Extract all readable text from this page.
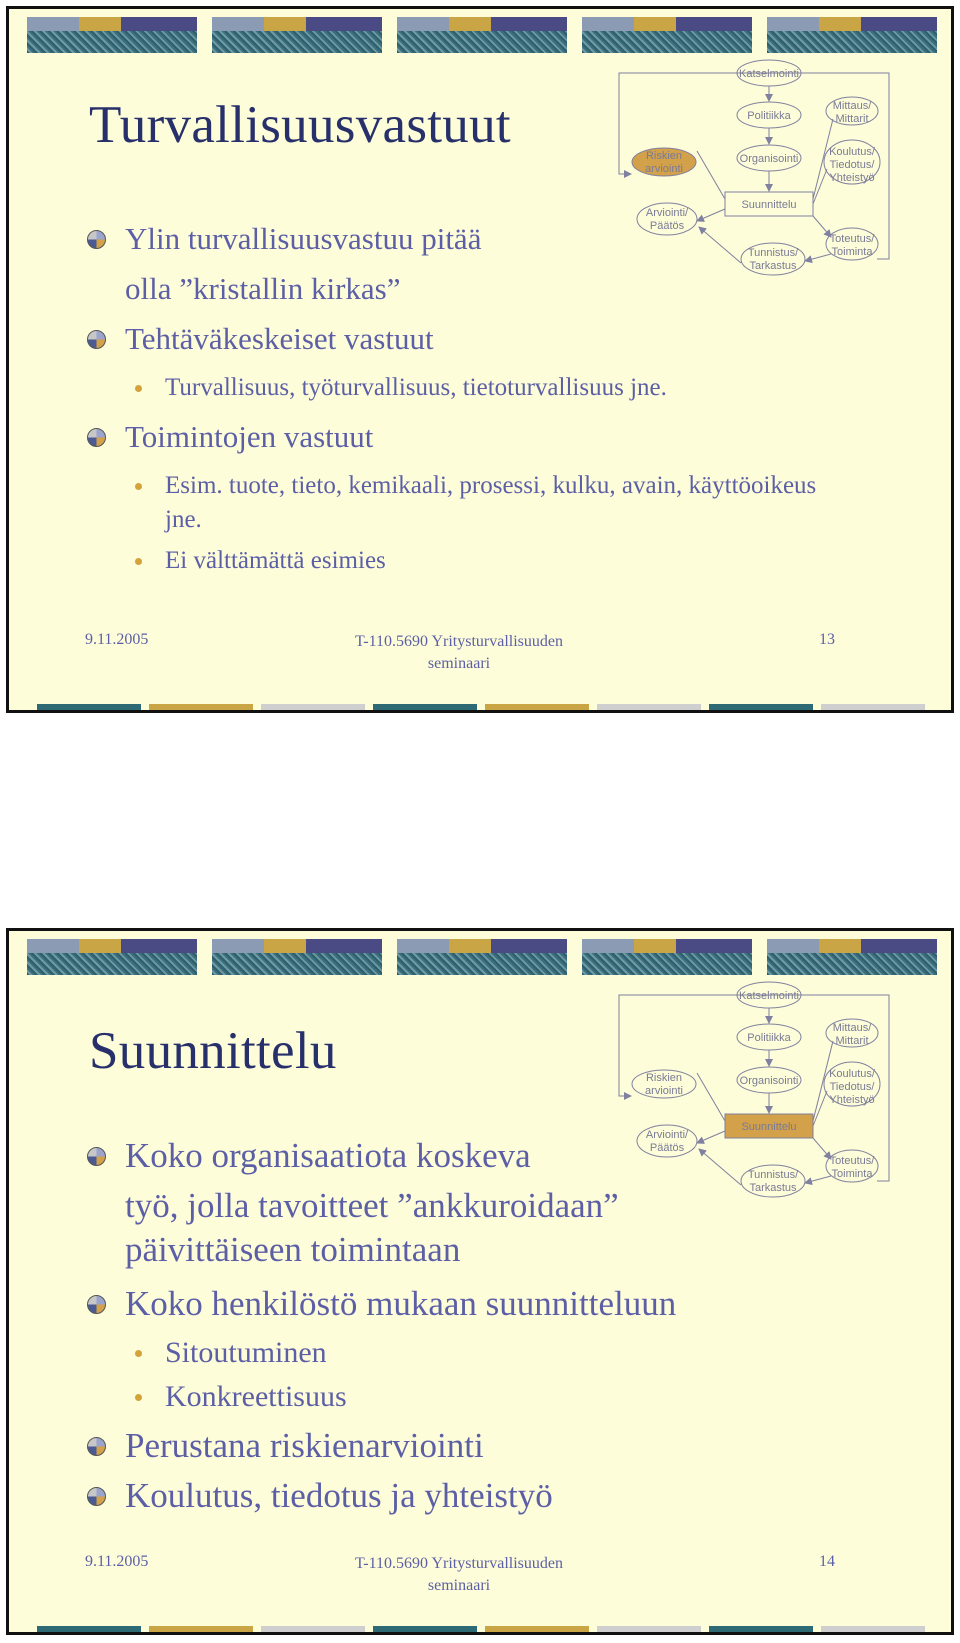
Turvallisuusvastuut
Katselmointi
Politiikka
Organisointi
Suunnittelu
Riskien
arviointi
Arviointi/
Päätös
Tunnistus/
Tarkastus
Mittaus/
Mittarit
Koulutus/
Tiedotus/
Yhteistyö
Toteutus/
Toiminta
Ylin turvallisuusvastuu pitää
olla ”kristallin kirkas”
Tehtäväkeskeiset vastuut
Turvallisuus, työturvallisuus, tietoturvallisuus jne.
Toimintojen vastuut
Esim. tuote, tieto, kemikaali, prosessi, kulku, avain, käyttöoikeus jne.
Ei välttämättä esimies
9.11.2005	T-110.5690 Yritysturvallisuuden
seminaari
13
Suunnittelu
Katselmointi
Politiikka
Organisointi
Suunnittelu
Riskien
arviointi
Arviointi/
Päätös
Tunnistus/
Tarkastus
Mittaus/
Mittarit
Koulutus/
Tiedotus/
Yhteistyö
Toteutus/
Toiminta
Koko organisaatiota koskeva
työ, jolla tavoitteet ”ankkuroidaan”
päivittäiseen toimintaan
Koko henkilöstö mukaan suunnitteluun
Sitoutuminen
Konkreettisuus
Perustana riskienarviointi
Koulutus, tiedotus ja yhteistyö
9.11.2005	T-110.5690 Yritysturvallisuuden
seminaari
14
